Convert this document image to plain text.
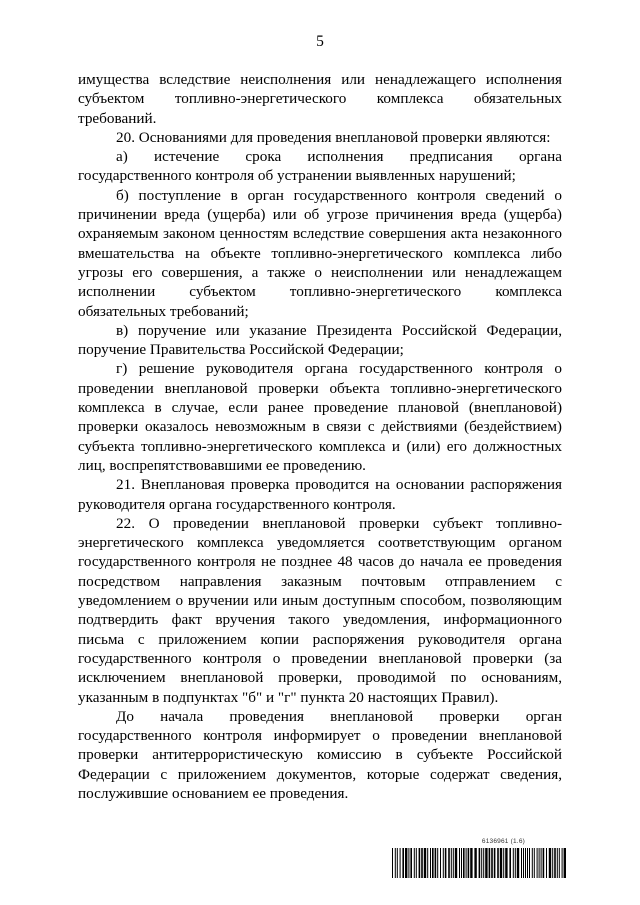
5

имущества вследствие неисполнения или ненадлежащего исполнения субъектом топливно-энергетического комплекса обязательных требований.

20. Основаниями для проведения внеплановой проверки являются:

а) истечение срока исполнения предписания органа государственного контроля об устранении выявленных нарушений;

б) поступление в орган государственного контроля сведений о причинении вреда (ущерба) или об угрозе причинения вреда (ущерба) охраняемым законом ценностям вследствие совершения акта незаконного вмешательства на объекте топливно-энергетического комплекса либо угрозы его совершения, а также о неисполнении или ненадлежащем исполнении субъектом топливно-энергетического комплекса обязательных требований;

в) поручение или указание Президента Российской Федерации, поручение Правительства Российской Федерации;

г) решение руководителя органа государственного контроля о проведении внеплановой проверки объекта топливно-энергетического комплекса в случае, если ранее проведение плановой (внеплановой) проверки оказалось невозможным в связи с действиями (бездействием) субъекта топливно-энергетического комплекса и (или) его должностных лиц, воспрепятствовавшими ее проведению.

21. Внеплановая проверка проводится на основании распоряжения руководителя органа государственного контроля.

22. О проведении внеплановой проверки субъект топливно-энергетического комплекса уведомляется соответствующим органом государственного контроля не позднее 48 часов до начала ее проведения посредством направления заказным почтовым отправлением с уведомлением о вручении или иным доступным способом, позволяющим подтвердить факт вручения такого уведомления, информационного письма с приложением копии распоряжения руководителя органа государственного контроля о проведении внеплановой проверки (за исключением внеплановой проверки, проводимой по основаниям, указанным в подпунктах "б" и "г" пункта 20 настоящих Правил).

До начала проведения внеплановой проверки орган государственного контроля информирует о проведении внеплановой проверки антитеррористическую комиссию в субъекте Российской Федерации с приложением документов, которые содержат сведения, послужившие основанием ее проведения.

6136961 (1.6)
